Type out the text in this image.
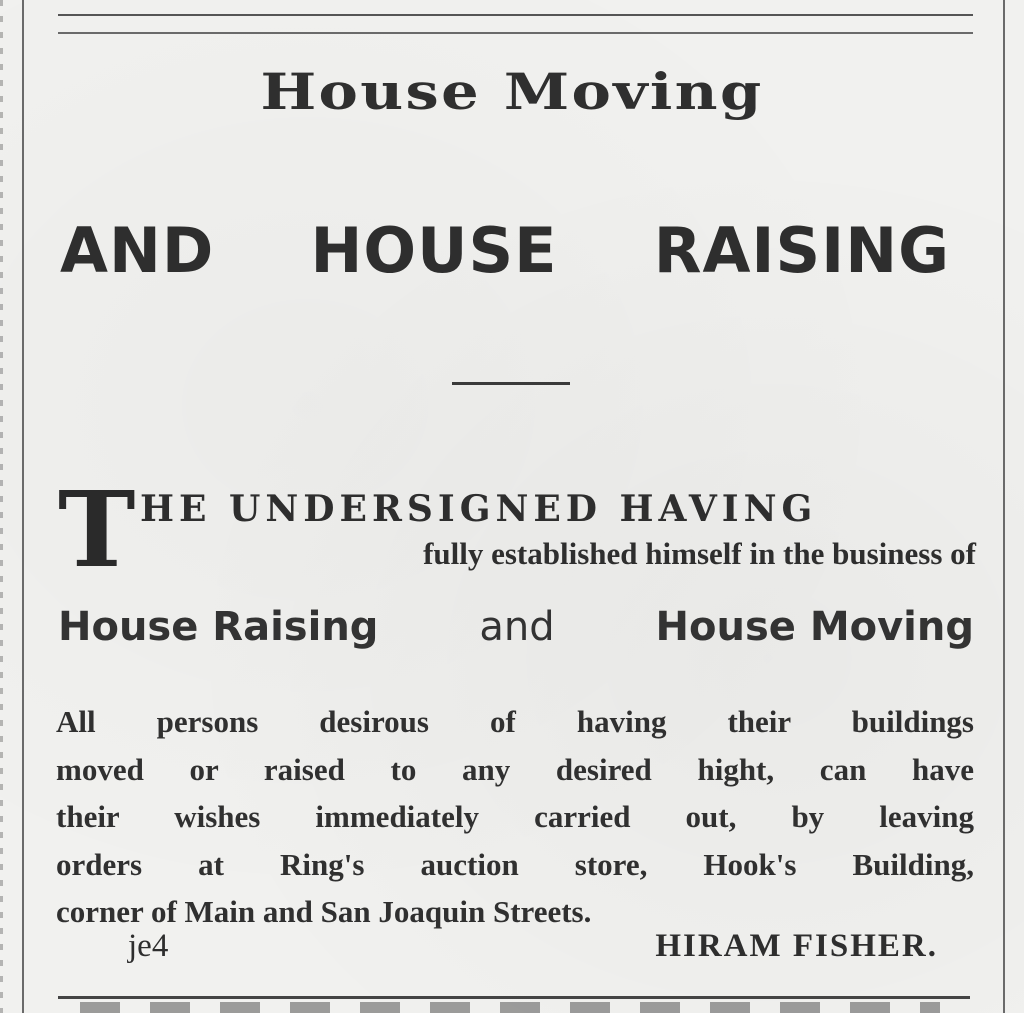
House Moving
AND HOUSE RAISING
T HE UNDERSIGNED HAVING
fully established himself in the business of
House Raising	and	House Moving
All persons desirous of having their buildings
moved or raised to any desired hight, can have
their wishes immediately carried out, by leaving
orders at Ring's auction store, Hook's Building,
corner of Main and San Joaquin Streets.
je4	HIRAM FISHER.
